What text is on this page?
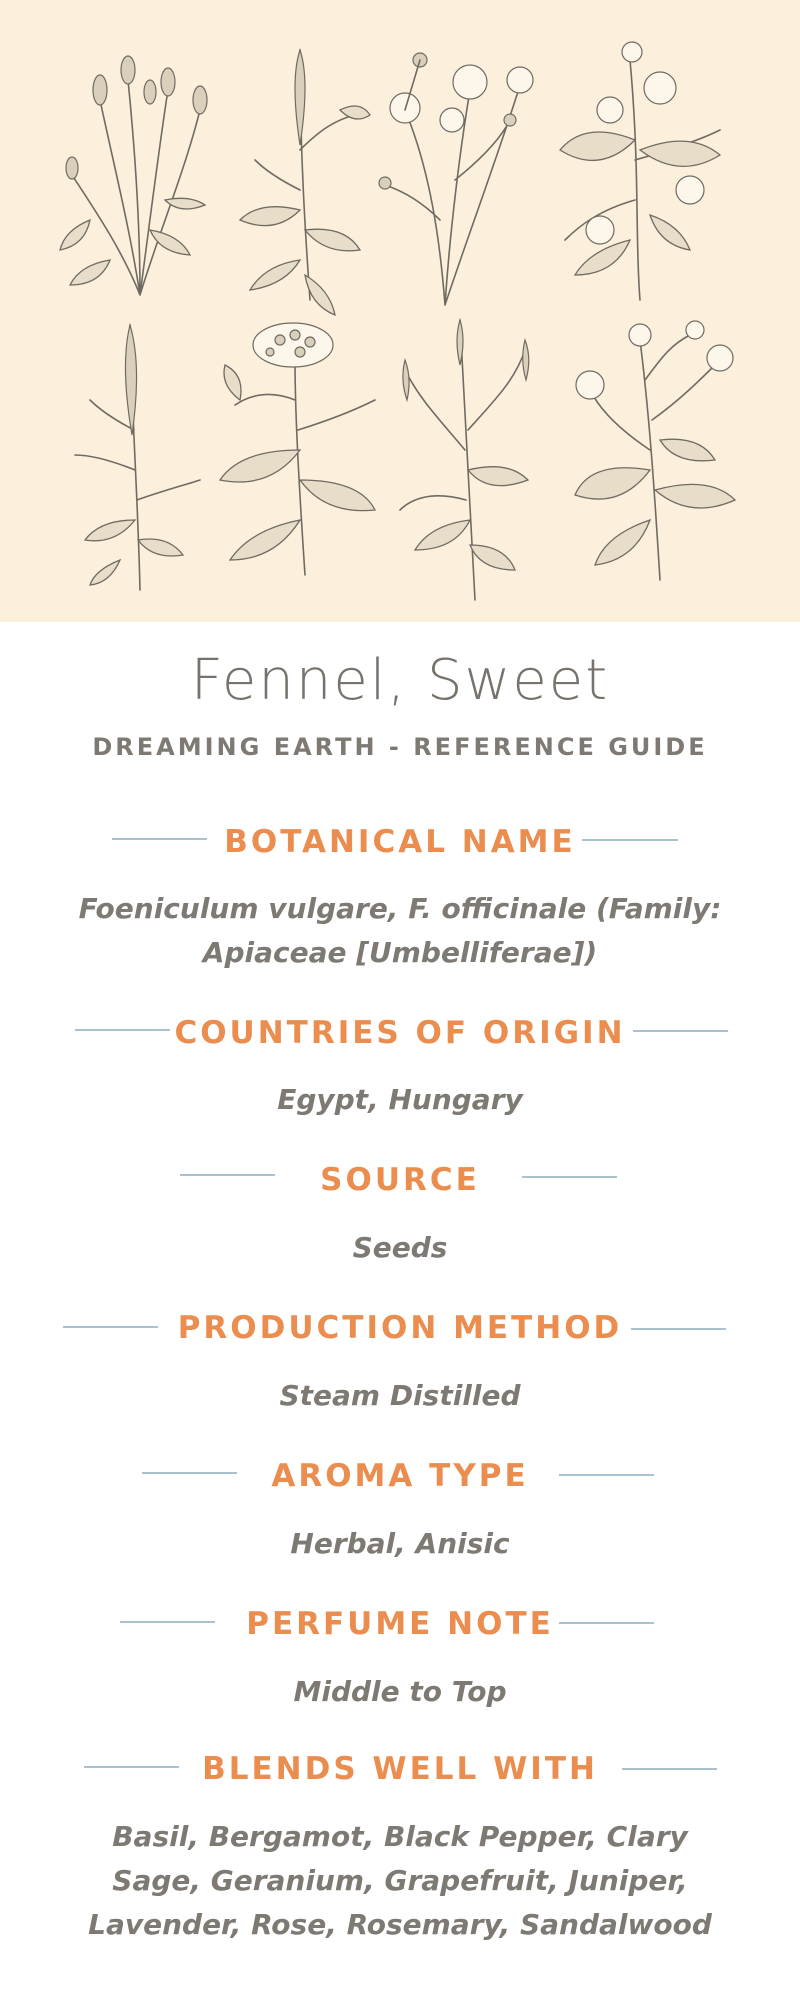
Fennel, Sweet
DREAMING EARTH - REFERENCE GUIDE
BOTANICAL NAME
Foeniculum vulgare, F. officinale (Family: Apiaceae [Umbelliferae])
COUNTRIES OF ORIGIN
Egypt, Hungary
SOURCE
Seeds
PRODUCTION METHOD
Steam Distilled
AROMA TYPE
Herbal, Anisic
PERFUME NOTE
Middle to Top
BLENDS WELL WITH
Basil, Bergamot, Black Pepper, Clary Sage, Geranium, Grapefruit, Juniper, Lavender, Rose, Rosemary, Sandalwood
